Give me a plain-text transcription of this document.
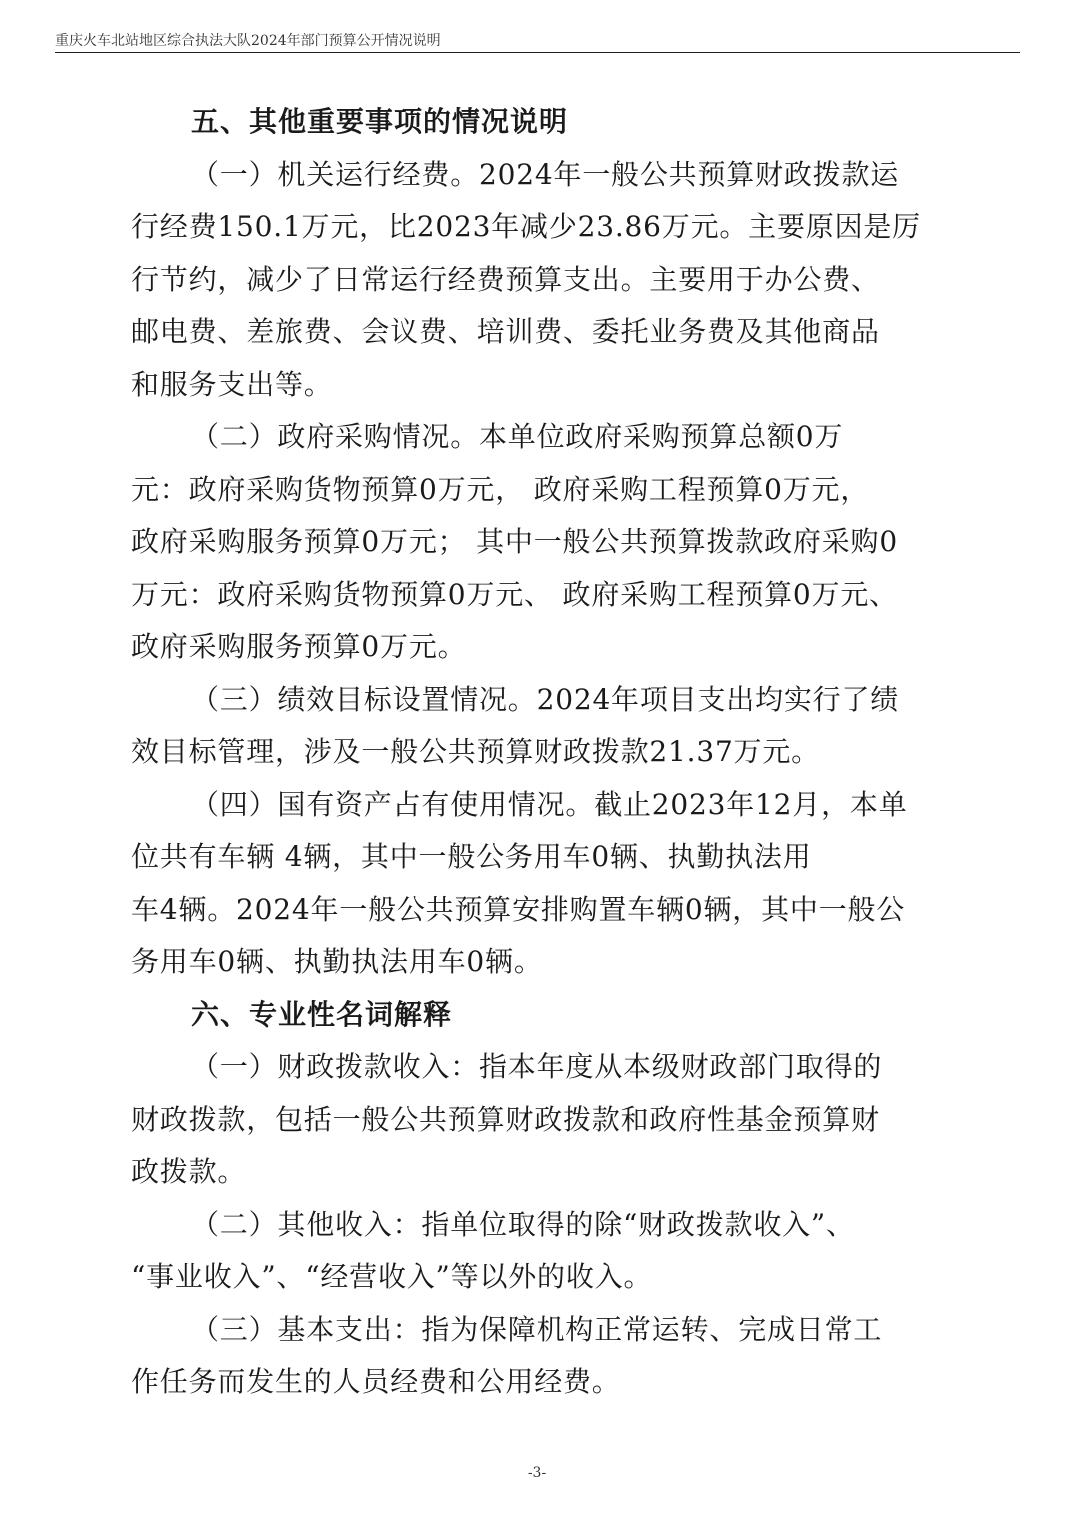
重庆火车北站地区综合执法大队2024年部门预算公开情况说明
五、其他重要事项的情况说明
（一）机关运行经费。2024年一般公共预算财政拨款运
行经费150.1万元，比2023年减少23.86万元。主要原因是厉
行节约，减少了日常运行经费预算支出。主要用于办公费、
邮电费、差旅费、会议费、培训费、委托业务费及其他商品
和服务支出等。
（二）政府采购情况。本单位政府采购预算总额0万
元：政府采购货物预算0万元， 政府采购工程预算0万元，
政府采购服务预算0万元； 其中一般公共预算拨款政府采购0
万元：政府采购货物预算0万元、 政府采购工程预算0万元、
政府采购服务预算0万元。
（三）绩效目标设置情况。2024年项目支出均实行了绩
效目标管理，涉及一般公共预算财政拨款21.37万元。
（四）国有资产占有使用情况。截止2023年12月，本单
位共有车辆 4辆，其中一般公务用车0辆、执勤执法用
车4辆。2024年一般公共预算安排购置车辆0辆，其中一般公
务用车0辆、执勤执法用车0辆。
六、专业性名词解释
（一）财政拨款收入：指本年度从本级财政部门取得的
财政拨款，包括一般公共预算财政拨款和政府性基金预算财
政拨款。
（二）其他收入：指单位取得的除“财政拨款收入”、
“事业收入”、“经营收入”等以外的收入。
（三）基本支出：指为保障机构正常运转、完成日常工
作任务而发生的人员经费和公用经费。
-3-
